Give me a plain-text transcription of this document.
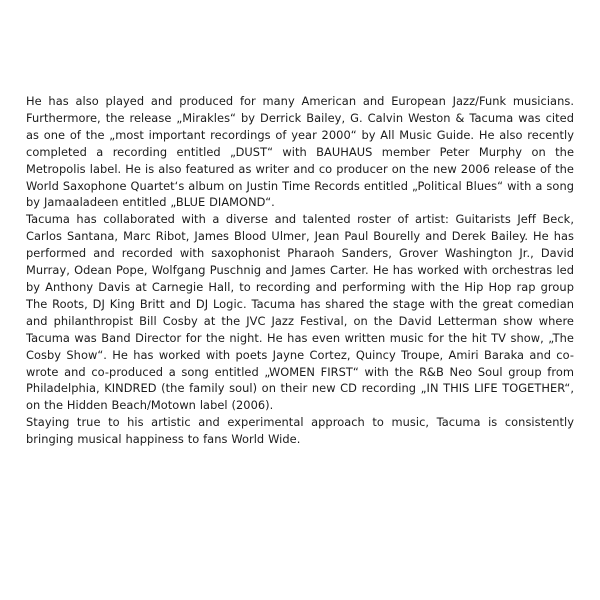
He has also played and produced for many American and European Jazz/Funk musicians. Furthermore, the release „Mirakles“ by Derrick Bailey, G. Calvin Weston & Tacuma was cited as one of the „most important recordings of year 2000“ by All Music Guide. He also recently completed a recording entitled „DUST“ with BAUHAUS member Peter Murphy on the Metropolis label. He is also featured as writer and co producer on the new 2006 release of the World Saxophone Quartet‘s album on Justin Time Records entitled „Political Blues“ with a song by Jamaaladeen entitled „BLUE DIAMOND“.

Tacuma has collaborated with a diverse and talented roster of artist: Guitarists Jeff Beck, Carlos Santana, Marc Ribot, James Blood Ulmer, Jean Paul Bourelly and Derek Bailey. He has performed and recorded with saxophonist Pharaoh Sanders, Grover Washington Jr., David Murray, Odean Pope, Wolfgang Puschnig and James Carter. He has worked with orchestras led by Anthony Davis at Carnegie Hall, to recording and performing with the Hip Hop rap group The Roots, DJ King Britt and DJ Logic. Tacuma has shared the stage with the great comedian and philanthropist Bill Cosby at the JVC Jazz Festival, on the David Letterman show where Tacuma was Band Director for the night. He has even written music for the hit TV show, „The Cosby Show“. He has worked with poets Jayne Cortez, Quincy Troupe, Amiri Baraka and co-wrote and co-produced a song entitled „WOMEN FIRST“ with the R&B Neo Soul group from Philadelphia, KINDRED (the family soul) on their new CD recording „IN THIS LIFE TOGETHER“, on the Hidden Beach/Motown label (2006).

Staying true to his artistic and experimental approach to music, Tacuma is consistently bringing musical happiness to fans World Wide.
